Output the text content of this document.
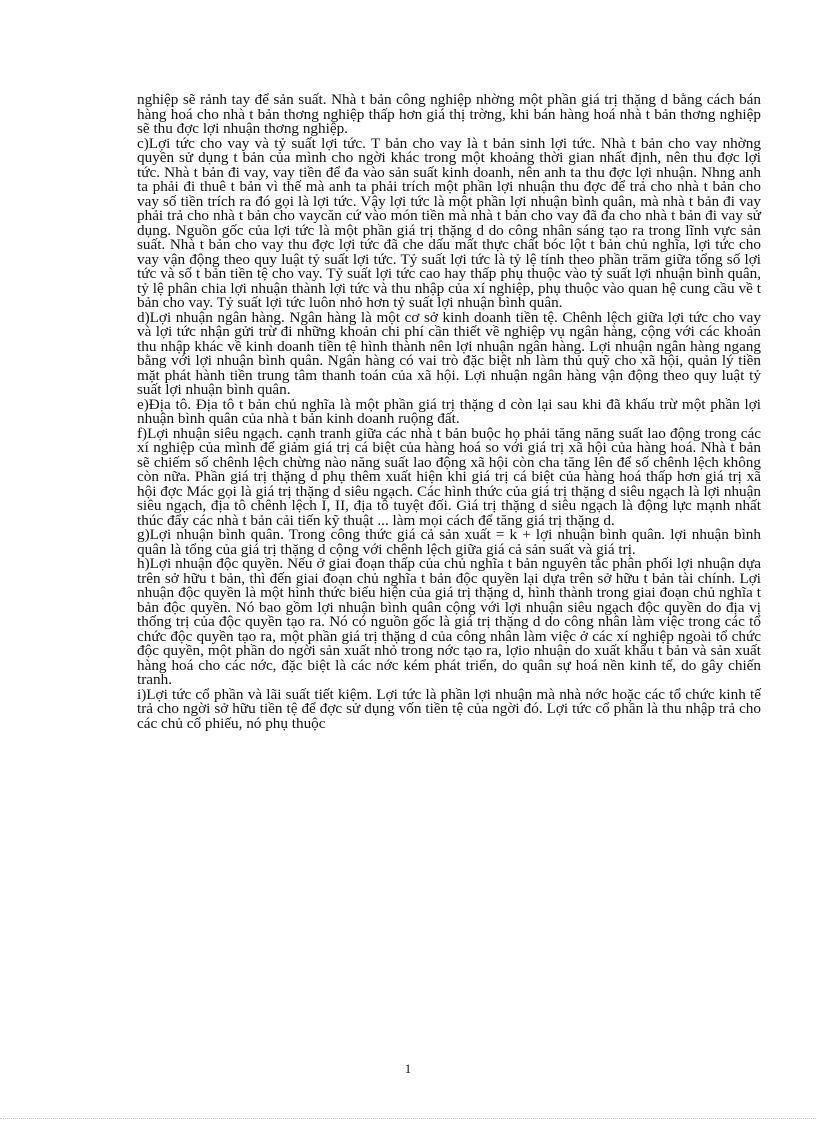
nghiệp sẽ rảnh tay để sản suất. Nhà t bản công nghiệp nhờng một phần giá trị thặng d bằng cách bán hàng hoá cho nhà t bản thơng nghiệp thấp hơn giá thị trờng, khi bán hàng hoá nhà t bản thơng nghiệp sẽ thu đợc lợi nhuận thơng nghiệp.

c)Lợi tức cho vay và tỷ suất lợi tức. T bản cho vay là t bản sinh lợi tức. Nhà t bản cho vay nhờng quyền sử dụng t bản của mình cho ngời khác trong một khoảng thời gian nhất định, nên thu đợc lợi tức. Nhà t bản đi vay, vay tiền để đa vào sản suất kinh doanh, nên anh ta thu đợc lợi nhuận. Nhng anh ta phải đi thuê t bản vì thế mà anh ta phải trích một phần lợi nhuận thu đợc để trả cho nhà t bản cho vay số tiền trích ra đó gọi là lợi tức. Vậy lợi tức là một phần lợi nhuận bình quân, mà nhà t bản đi vay phải trả cho nhà t bản cho vaycăn cứ vào món tiền mà nhà t bản cho vay đã đa cho nhà t bản đi vay sử dụng. Nguồn gốc của lợi tức là một phần giá trị thặng d do công nhân sáng tạo ra trong lĩnh vực sản suất. Nhà t bản cho vay thu đợc lợi tức đã che dấu mất thực chất bóc lột t bản chủ nghĩa, lợi tức cho vay vận động theo quy luật tỷ suất lợi tức. Tỷ suất lợi tức là tỷ lệ tính theo phần trăm giữa tổng số lợi tức và số t bản tiền tệ cho vay. Tỷ suất lợi tức cao hay thấp phụ thuộc vào tỷ suất lợi nhuận bình quân, tỷ lệ phân chia lợi nhuận thành lợi tức và thu nhập của xí nghiệp, phụ thuộc vào quan hệ cung cầu về t bản cho vay. Tỷ suất lợi tức luôn nhỏ hơn tỷ suất lợi nhuận bình quân.

d)Lợi nhuận ngân hàng. Ngân hàng là một cơ sở kinh doanh tiền tệ. Chênh lệch giữa lợi tức cho vay và lợi tức nhận gửi trừ đi những khoản chi phí cần thiết về nghiệp vụ ngân hàng, cộng với các khoản thu nhập khác về kinh doanh tiền tệ hình thành nên lợi nhuận ngân hàng. Lợi nhuận ngân hàng ngang bằng với lợi nhuận bình quân. Ngân hàng có vai trò đặc biệt nh làm thủ quỹ cho xã hội, quản lý tiền mặt phát hành tiền trung tâm thanh toán của xã hội. Lợi nhuận ngân hàng vận động theo quy luật tỷ suất lợi nhuận bình quân.

e)Địa tô. Địa tô t bản chủ nghĩa là một phần giá trị thặng d còn lại sau khi đã khấu trừ một phần lợi nhuận bình quân của nhà t bản kinh doanh ruộng đất.

f)Lợi nhuận siêu ngạch. cạnh tranh giữa các nhà t bản buộc họ phải tăng năng suất lao động trong các xí nghiệp của mình để giảm giá trị cá biệt của hàng hoá so với giá trị xã hội của hàng hoá. Nhà t bản sẽ chiếm số chênh lệch chừng nào năng suất lao động xã hội còn cha tăng lên để số chênh lệch không còn nữa. Phần giá trị thặng d phụ thêm xuất hiện khi giá trị cá biệt của hàng hoá thấp hơn giá trị xã hội đợc Mác gọi là giá trị thặng d siêu ngạch. Các hình thức của giá trị thặng d siêu ngạch là lợi nhuận siêu ngạch, địa tô chênh lệch I, II, địa tô tuyệt đối. Giá trị thặng d siêu ngạch là động lực mạnh nhất thúc đẩy các nhà t bản cải tiến kỹ thuật ... làm mọi cách để tăng giá trị thặng d.

g)Lợi nhuận bình quân. Trong công thức giá cả sản xuất = k + lợi nhuận bình quân. lợi nhuận bình quân là tổng của giá trị thặng d cộng với chênh lệch giữa giá cả sản suất và giá trị.

h)Lợi nhuận độc quyền. Nếu ở giai đoạn thấp của chủ nghĩa t bản nguyên tắc phân phối lợi nhuận dựa trên sở hữu t bản, thì đến giai đoạn chủ nghĩa t bản độc quyền lại dựa trên sở hữu t bản tài chính. Lợi nhuận độc quyền là một hình thức biểu hiện của giá trị thặng d, hình thành trong giai đoạn chủ nghĩa t bản độc quyền. Nó bao gồm lợi nhuận bình quân cộng với lợi nhuận siêu ngạch độc quyền do địa vị thống trị của độc quyền tạo ra. Nó có nguồn gốc là giá trị thặng d do công nhân làm việc trong các tổ chức độc quyền tạo ra, một phần giá trị thặng d của công nhân làm việc ở các xí nghiệp ngoài tổ chức độc quyền, một phần do ngời sản xuất nhỏ trong nớc tạo ra, lợio nhuận do xuất khẩu t bản và sản xuất hàng hoá cho các nớc, đặc biệt là các nớc kém phát triển, do quân sự hoá nền kinh tế, do gây chiến tranh.

i)Lợi tức cổ phần và lãi suất tiết kiệm. Lợi tức là phần lợi nhuận mà nhà nớc hoặc các tổ chức kinh tế trả cho ngời sở hữu tiền tệ để đợc sử dụng vốn tiền tệ của ngời đó. Lợi tức cổ phần là thu nhập trả cho các chủ cổ phiếu, nó phụ thuộc

1
